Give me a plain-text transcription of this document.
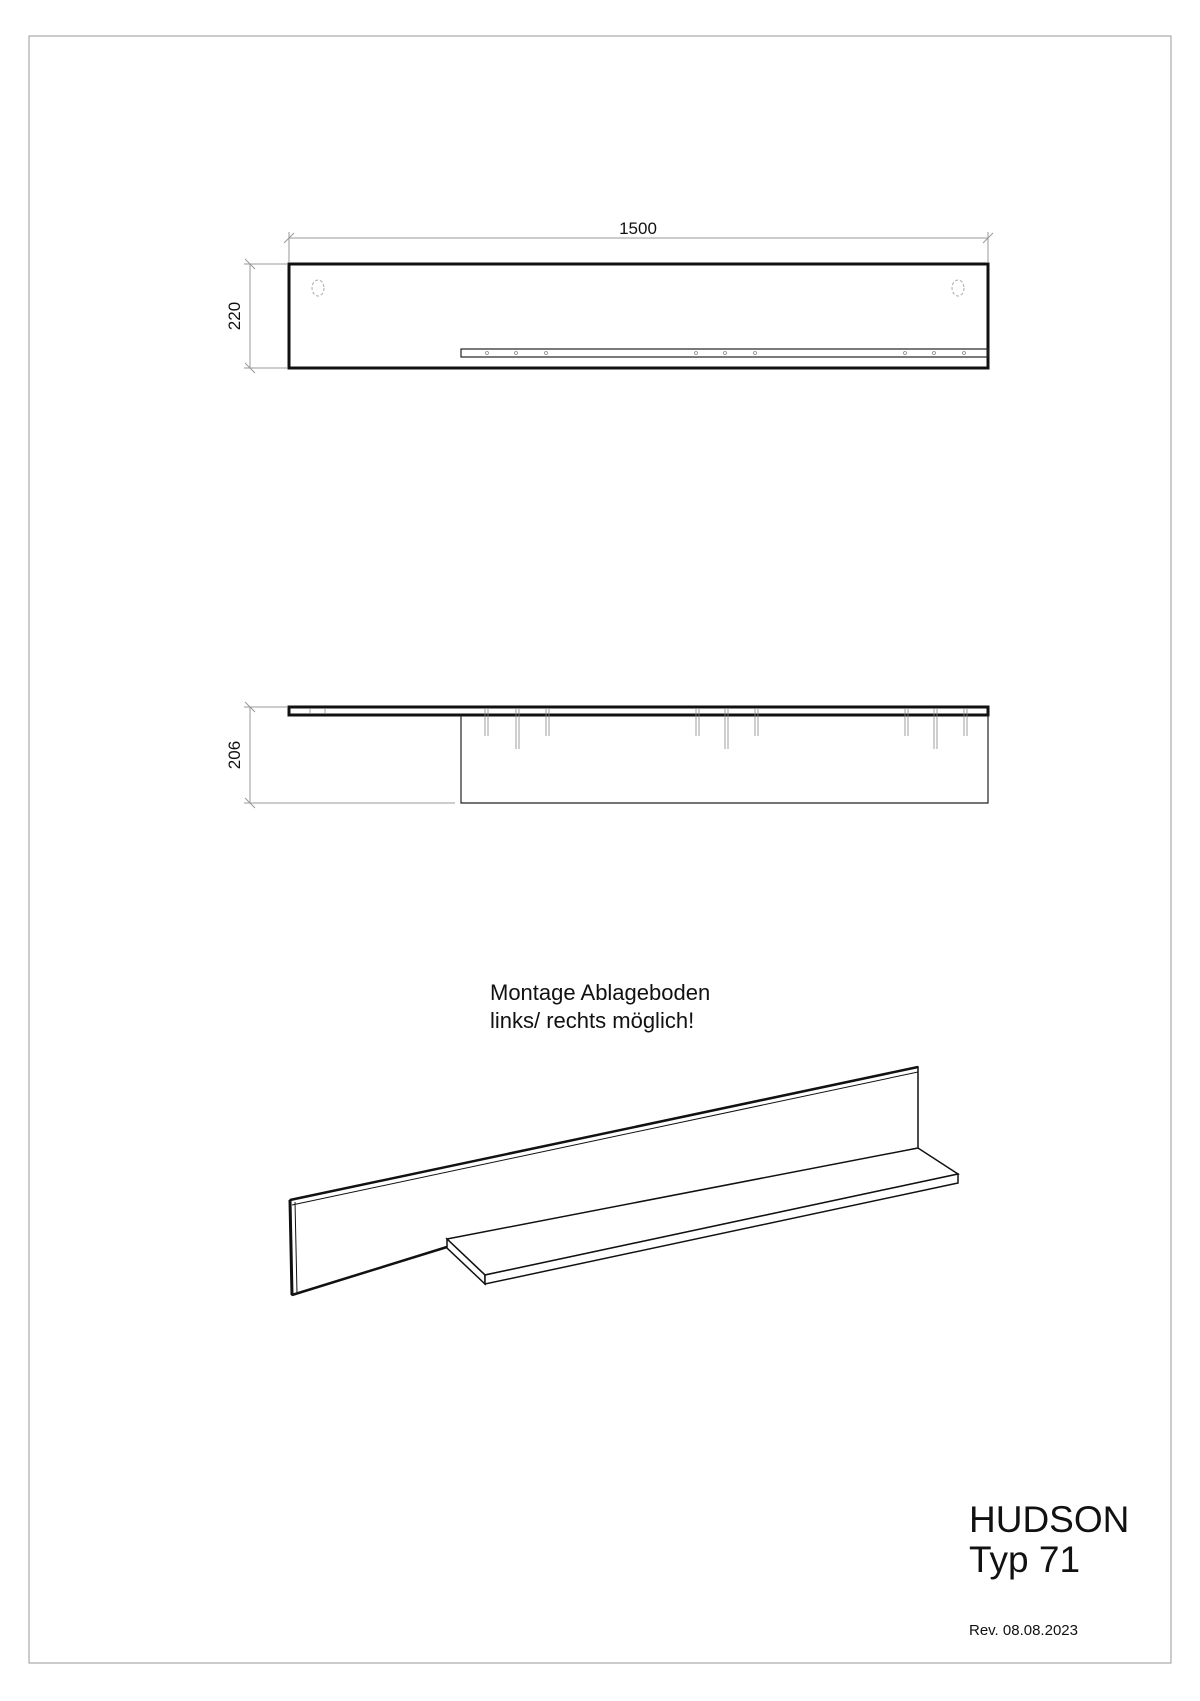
1500
220
206
Montage Ablageboden
links/ rechts möglich!
HUDSON
Typ 71
Rev. 08.08.2023
